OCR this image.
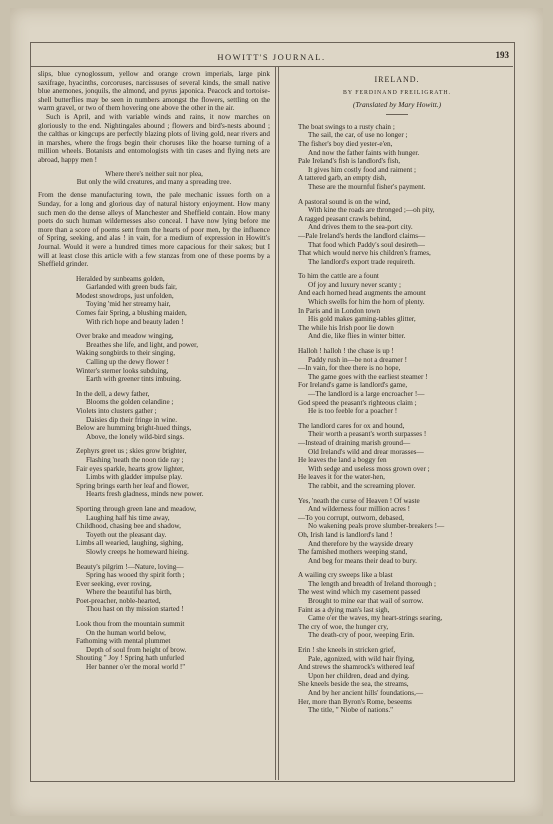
HOWITT'S JOURNAL.	193

slips, blue cynoglossum, yellow and orange crown imperials, large pink saxifrage, hyacinths, corcoruses, narcissuses of several kinds, the small native blue anemones, jonquils, the almond, and pyrus japonica. Peacock and tortoise-shell butterflies may be seen in numbers amongst the flowers, settling on the warm gravel, or two of them hovering one above the other in the air.

Such is April, and with variable winds and rains, it now marches on gloriously to the end. Nightingales abound ; flowers and bird's-nests abound ; the calthas or kingcups are perfectly blazing plots of living gold, near rivers and in marshes, where the frogs begin their choruses like the hoarse turning of a million wheels. Botanists and entomologists with tin cases and flying nets are abroad, happy men !

Where there's neither suit nor plea,
But only the wild creatures, and many a spreading tree.

From the dense manufacturing town, the pale mechanic issues forth on a Sunday, for a long and glorious day of natural history enjoyment. How many such men do the dense alleys of Manchester and Sheffield contain. How many poets do such human wildernesses also conceal. I have now lying before me more than a score of poems sent from the hearts of poor men, by the influence of Spring, seeking, and alas ! in vain, for a medium of expression in Howitt's Journal. Would it were a hundred times more capacious for their sakes; but I will at least close this article with a few stanzas from one of these poems by a Sheffield grinder.

Heralded by sunbeams golden,
Garlanded with green buds fair,
Modest snowdrops, just unfolden,
Toying 'mid her streamy hair,
Comes fair Spring, a blushing maiden,
With rich hope and beauty laden !
Over brake and meadow winging,
Breathes she life, and light, and power,
Waking songbirds to their singing,
Calling up the dewy flower !
Winter's sterner looks subduing,
Earth with greener tints imbuing.
In the dell, a dewy father,
Blooms the golden celandine ;
Violets into clusters gather ;
Daisies dip their fringe in wine.
Below are humming bright-hued things,
Above, the lonely wild-bird sings.
Zephyrs greet us ; skies grow brighter,
Flashing 'neath the noon tide ray ;
Fair eyes sparkle, hearts grow lighter,
Limbs with gladder impulse play.
Spring brings earth her leaf and flower,
Hearts fresh gladness, minds new power.
Sporting through green lane and meadow,
Laughing half his time away,
Childhood, chasing bee and shadow,
Toyeth out the pleasant day.
Limbs all wearied, laughing, sighing,
Slowly creeps he homeward hieing.
Beauty's pilgrim !—Nature, loving—
Spring has wooed thy spirit forth ;
Ever seeking, ever roving,
Where the beautiful has birth,
Poet-preacher, noble-hearted,
Thou hast on thy mission started !
Look thou from the mountain summit
On the human world below,
Fathoming with mental plummet
Depth of soul from height of brow.
Shouting " Joy ! Spring hath unfurled
Her banner o'er the moral world !"
IRELAND.
BY FERDINAND FREILIGRATH.
(Translated by Mary Howitt.)
The boat swings to a rusty chain ;
The sail, the car, of use no longer ;
The fisher's boy died yester-e'en,
And now the father faints with hunger.
Pale Ireland's fish is landlord's fish,
It gives him costly food and raiment ;
A tattered garb, an empty dish,
These are the mournful fisher's payment.
A pastoral sound is on the wind,
With kine the roads are thronged ;—oh pity,
A ragged peasant crawls behind,
And drives them to the sea-port city.
—Pale Ireland's herds the landlord claims—
That food which Paddy's soul desireth—
That which would nerve his children's frames,
The landlord's export trade requireth.
To him the cattle are a fount
Of joy and luxury never scanty ;
And each horned head augments the amount
Which swells for him the horn of plenty.
In Paris and in London town
His gold makes gaming-tables glitter,
The while his Irish poor lie down
And die, like flies in winter bitter.
Halloh ! halloh ! the chase is up !
Paddy rush in—be not a dreamer !
—In vain, for thee there is no hope,
The game goes with the earliest steamer !
For Ireland's game is landlord's game,
—The landlord is a large encroacher !—
God speed the peasant's righteous claim ;
He is too feeble for a poacher !
The landlord cares for ox and hound,
Their worth a peasant's worth surpasses !
—Instead of draining marish ground—
Old Ireland's wild and drear morasses—
He leaves the land a boggy fen
With sedge and useless moss grown over ;
He leaves it for the water-hen,
The rabbit, and the screaming plover.
Yes, 'neath the curse of Heaven ! Of waste
And wilderness four million acres !
—To you corrupt, outworn, debased,
No wakening peals prove slumber-breakers !—
Oh, Irish land is landlord's land !
And therefore by the wayside dreary
The famished mothers weeping stand,
And beg for means their dead to bury.
A wailing cry sweeps like a blast
The length and breadth of Ireland thorough ;
The west wind which my casement passed
Brought to mine ear that wail of sorrow.
Faint as a dying man's last sigh,
Came o'er the waves, my heart-strings searing,
The cry of woe, the hunger cry,
The death-cry of poor, weeping Erin.
Erin ! she kneels in stricken grief,
Pale, agonized, with wild hair flying,
And strews the shamrock's withered leaf
Upon her children, dead and dying.
She kneels beside the sea, the streams,
And by her ancient hills' foundations,—
Her, more than Byron's Rome, beseems
The title, " Niobe of nations."
